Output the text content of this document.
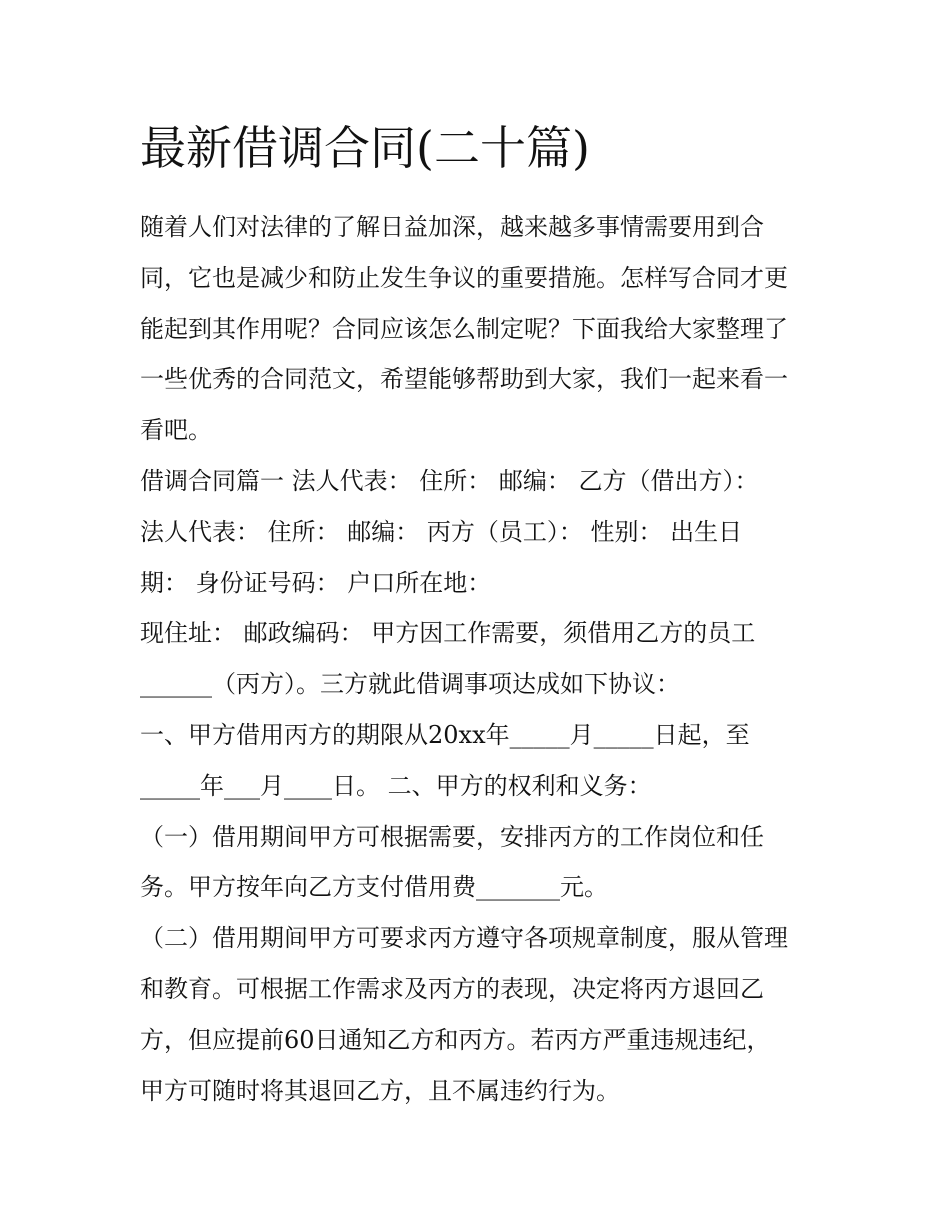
最新借调合同(二十篇)

随着人们对法律的了解日益加深，越来越多事情需要用到合

同，它也是减少和防止发生争议的重要措施。怎样写合同才更

能起到其作用呢？合同应该怎么制定呢？下面我给大家整理了

一些优秀的合同范文，希望能够帮助到大家，我们一起来看一

看吧。

借调合同篇一 法人代表： 住所： 邮编： 乙方（借出方）：

法人代表： 住所： 邮编： 丙方（员工）： 性别： 出生日

期： 身份证号码： 户口所在地：

现住址： 邮政编码： 甲方因工作需要，须借用乙方的员工

______（丙方）。三方就此借调事项达成如下协议：

一、甲方借用丙方的期限从20xx年_____月_____日起，至

_____年___月____日。 二、甲方的权利和义务：

（一）借用期间甲方可根据需要，安排丙方的工作岗位和任

务。甲方按年向乙方支付借用费_______元。

（二）借用期间甲方可要求丙方遵守各项规章制度，服从管理

和教育。可根据工作需求及丙方的表现，决定将丙方退回乙

方，但应提前60日通知乙方和丙方。若丙方严重违规违纪，

甲方可随时将其退回乙方，且不属违约行为。
